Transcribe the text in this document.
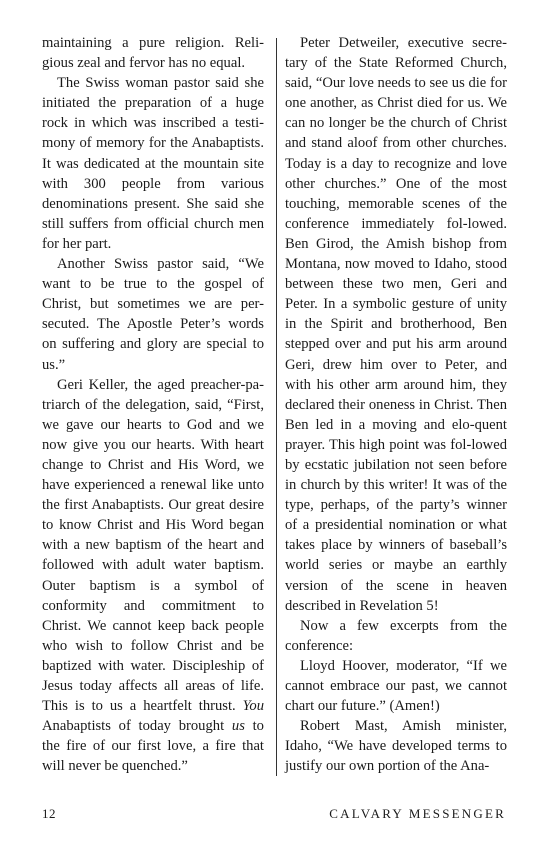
maintaining a pure religion. Reli-gious zeal and fervor has no equal.

The Swiss woman pastor said she initiated the preparation of a huge rock in which was inscribed a testi-mony of memory for the Anabaptists. It was dedicated at the mountain site with 300 people from various denominations present. She said she still suffers from official church men for her part.

Another Swiss pastor said, “We want to be true to the gospel of Christ, but sometimes we are per-secuted. The Apostle Peter’s words on suffering and glory are special to us.”

Geri Keller, the aged preacher-pa-triarch of the delegation, said, “First, we gave our hearts to God and we now give you our hearts. With heart change to Christ and His Word, we have experienced a renewal like unto the first Anabaptists. Our great desire to know Christ and His Word began with a new baptism of the heart and followed with adult water baptism. Outer baptism is a symbol of conformity and commitment to Christ. We cannot keep back people who wish to follow Christ and be baptized with water. Discipleship of Jesus today affects all areas of life. This is to us a heartfelt thrust. You Anabaptists of today brought us to the fire of our first love, a fire that will never be quenched.”

Peter Detweiler, executive secre-tary of the State Reformed Church, said, “Our love needs to see us die for one another, as Christ died for us. We can no longer be the church of Christ and stand aloof from other churches. Today is a day to recognize and love other churches.” One of the most touching, memorable scenes of the conference immediately fol-lowed. Ben Girod, the Amish bishop from Montana, now moved to Idaho, stood between these two men, Geri and Peter. In a symbolic gesture of unity in the Spirit and brotherhood, Ben stepped over and put his arm around Geri, drew him over to Peter, and with his other arm around him, they declared their oneness in Christ. Then Ben led in a moving and elo-quent prayer. This high point was fol-lowed by ecstatic jubilation not seen before in church by this writer! It was of the type, perhaps, of the party’s winner of a presidential nomination or what takes place by winners of baseball’s world series or maybe an earthly version of the scene in heaven described in Revelation 5!

Now a few excerpts from the conference:

Lloyd Hoover, moderator, “If we cannot embrace our past, we cannot chart our future.” (Amen!)

Robert Mast, Amish minister, Idaho, “We have developed terms to justify our own portion of the Ana-

12	CALVARY MESSENGER
